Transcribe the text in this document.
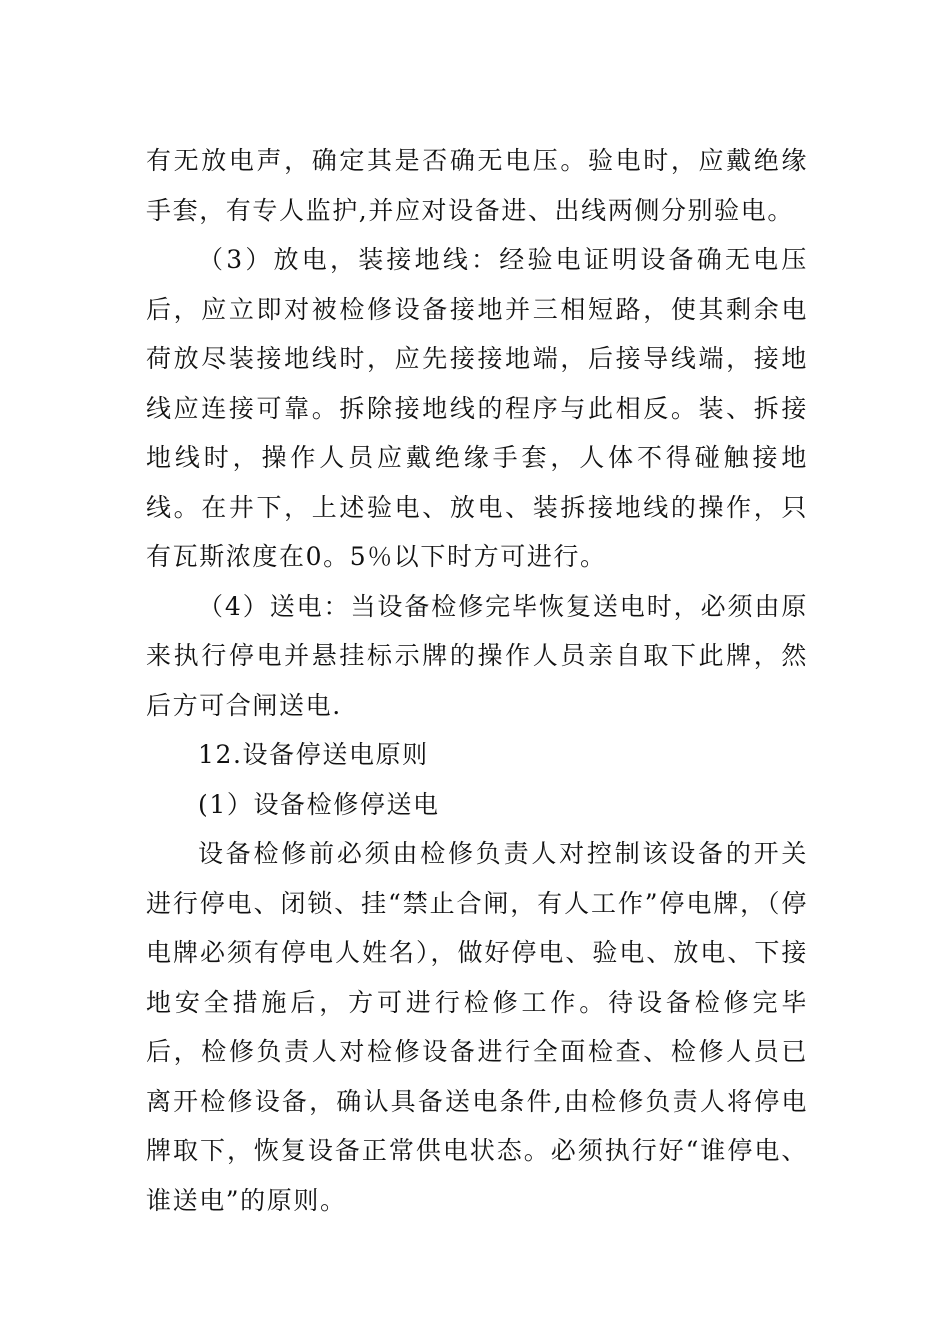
有无放电声，确定其是否确无电压。验电时，应戴绝缘手套，有专人监护,并应对设备进、出线两侧分别验电。

（3）放电，装接地线：经验电证明设备确无电压后，应立即对被检修设备接地并三相短路，使其剩余电荷放尽装接地线时，应先接接地端，后接导线端，接地线应连接可靠。拆除接地线的程序与此相反。装、拆接地线时，操作人员应戴绝缘手套，人体不得碰触接地线。在井下，上述验电、放电、装拆接地线的操作，只有瓦斯浓度在0。5％以下时方可进行。

（4）送电：当设备检修完毕恢复送电时，必须由原来执行停电并悬挂标示牌的操作人员亲自取下此牌，然后方可合闸送电.

12.设备停送电原则

(1）设备检修停送电

设备检修前必须由检修负责人对控制该设备的开关进行停电、闭锁、挂“禁止合闸，有人工作”停电牌，（停电牌必须有停电人姓名），做好停电、验电、放电、下接地安全措施后，方可进行检修工作。待设备检修完毕后，检修负责人对检修设备进行全面检查、检修人员已离开检修设备，确认具备送电条件,由检修负责人将停电牌取下，恢复设备正常供电状态。必须执行好“谁停电、谁送电”的原则。
